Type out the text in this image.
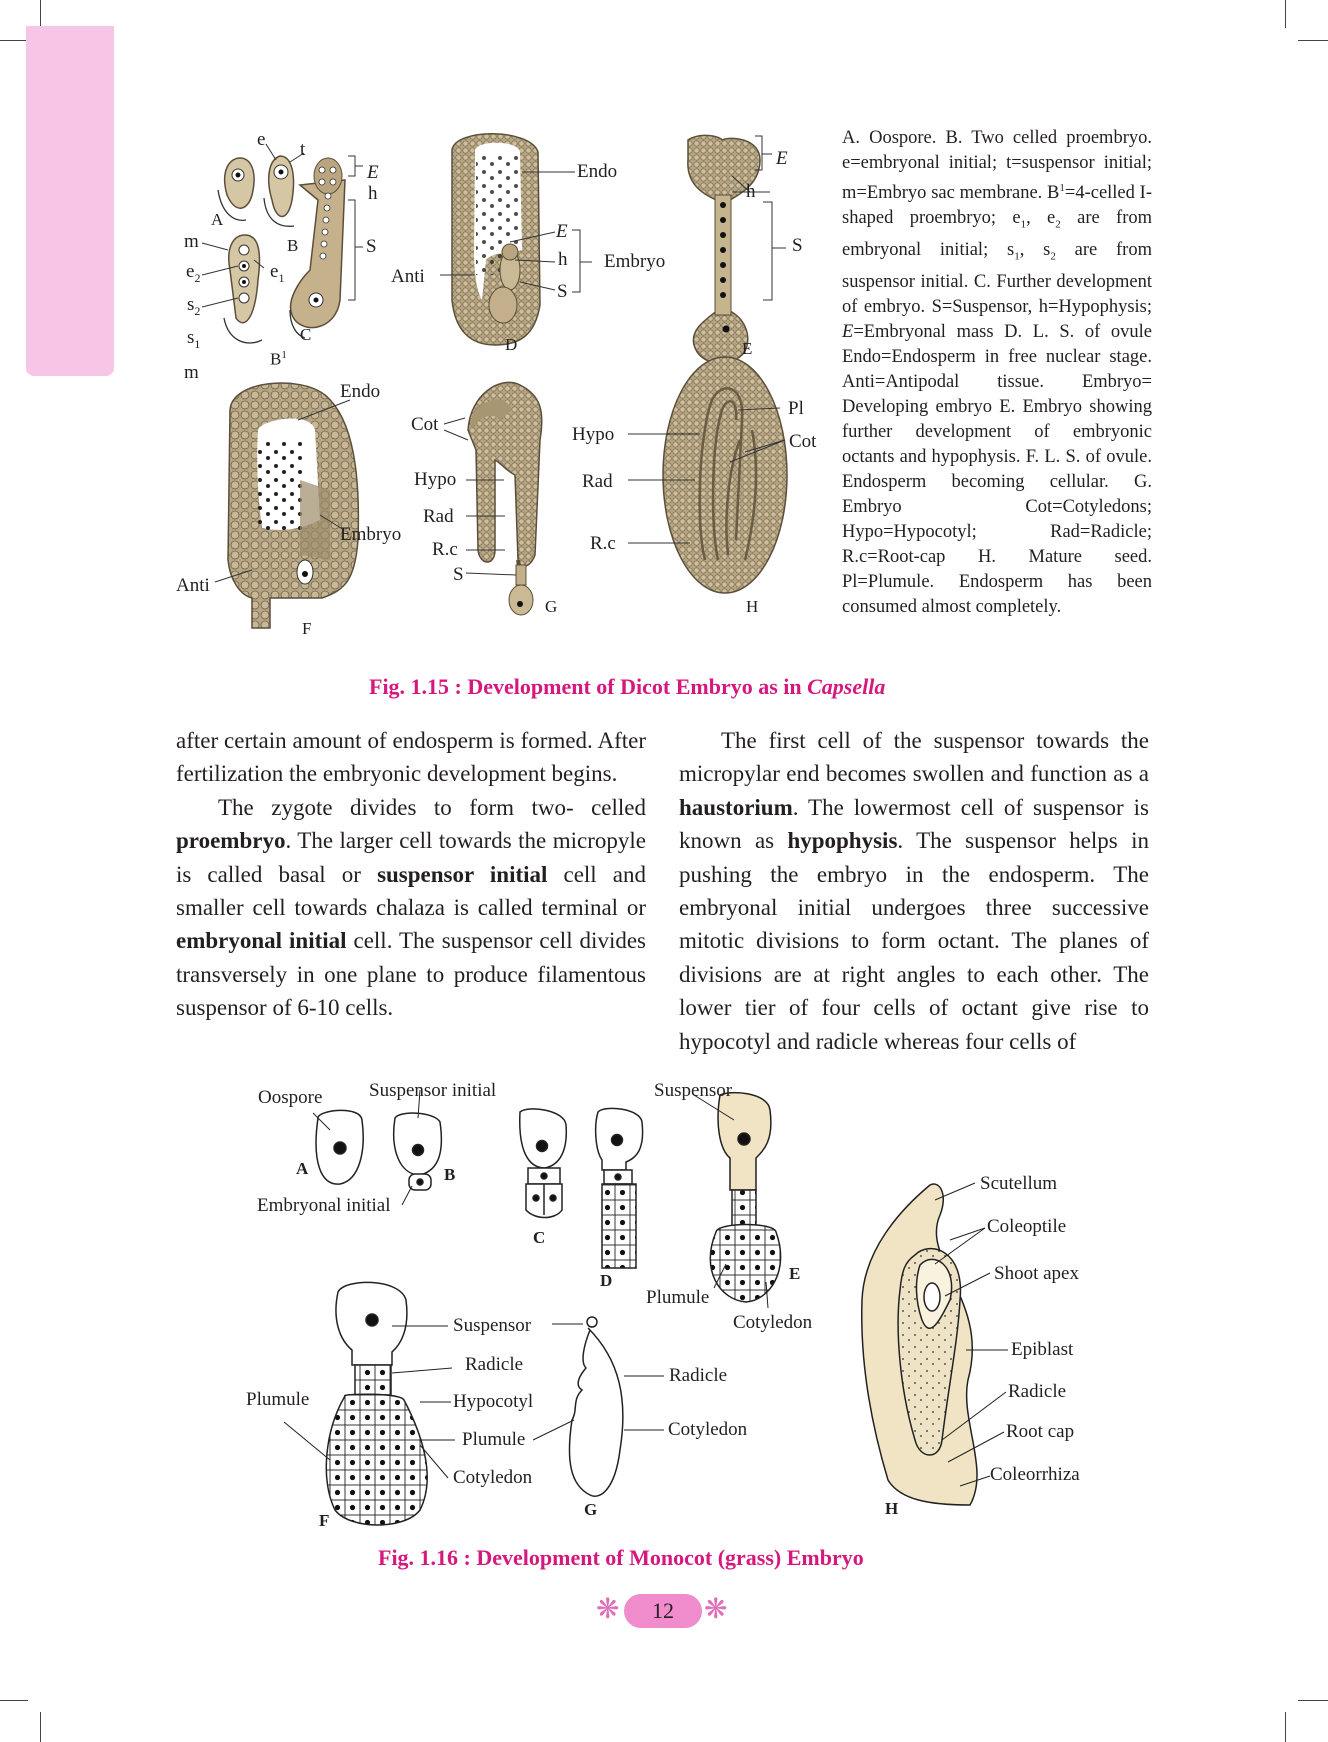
e t
E
h
S
A
m	B
$e_2$	$e_1$
$s_2$
$s_1$	C
m
$B^1$
Endo
E
h
S
Embryo
Anti
D
E
h
S
E
Endo
Embryo
Anti
F
Cot
Hypo
Rad
R.c
S
G
Pl
Cot
Hypo
Rad
R.c
H

A. Oospore. B. Two celled proembryo. e=embryonal initial; t=suspensor initial; m=Embryo sac membrane. $B^1=4$-celled I-shaped proembryo; $e_1$, $e_2$ are from embryonal initial; $s_1$, $s_2$ are from suspensor initial. C. Further development of embryo. S=Suspensor, h=Hypophysis; E=Embryonal mass D. L. S. of ovule Endo=Endosperm in free nuclear stage. Anti=Antipodal tissue. Embryo= Developing embryo E. Embryo showing further development of embryonic octants and hypophysis. F. L. S. of ovule. Endosperm becoming cellular. G. Embryo Cot=Cotyledons; Hypo=Hypocotyl; Rad=Radicle; R.c=Root-cap H. Mature seed. Pl=Plumule. Endosperm has been consumed almost completely.

Fig. 1.15 : Development of Dicot Embryo as in Capsella

after certain amount of endosperm is formed. After fertilization the embryonic development begins.

The zygote divides to form two- celled proembryo. The larger cell towards the micropyle is called basal or suspensor initial cell and smaller cell towards chalaza is called terminal or embryonal initial cell. The suspensor cell divides transversely in one plane to produce filamentous suspensor of 6-10 cells.

The first cell of the suspensor towards the micropylar end becomes swollen and function as a haustorium. The lowermost cell of suspensor is known as hypophysis. The suspensor helps in pushing the embryo in the endosperm. The embryonal initial undergoes three successive mitotic divisions to form octant. The planes of divisions are at right angles to each other. The lower tier of four cells of octant give rise to hypocotyl and radicle whereas four cells of

Oospore Suspensor initial	Suspensor
A	B
Embryonal initial
C
D	E
Plumule
Cotyledon
Suspensor
Radicle
Hypocotyl
Plumule
Plumule
Cotyledon
F
Radicle
Cotyledon
G
Scutellum
Coleoptile
Shoot apex
Epiblast
Radicle
Root cap
Coleorrhiza
H
Fig. 1.16 : Development of Monocot (grass) Embryo
❋	12	❋
